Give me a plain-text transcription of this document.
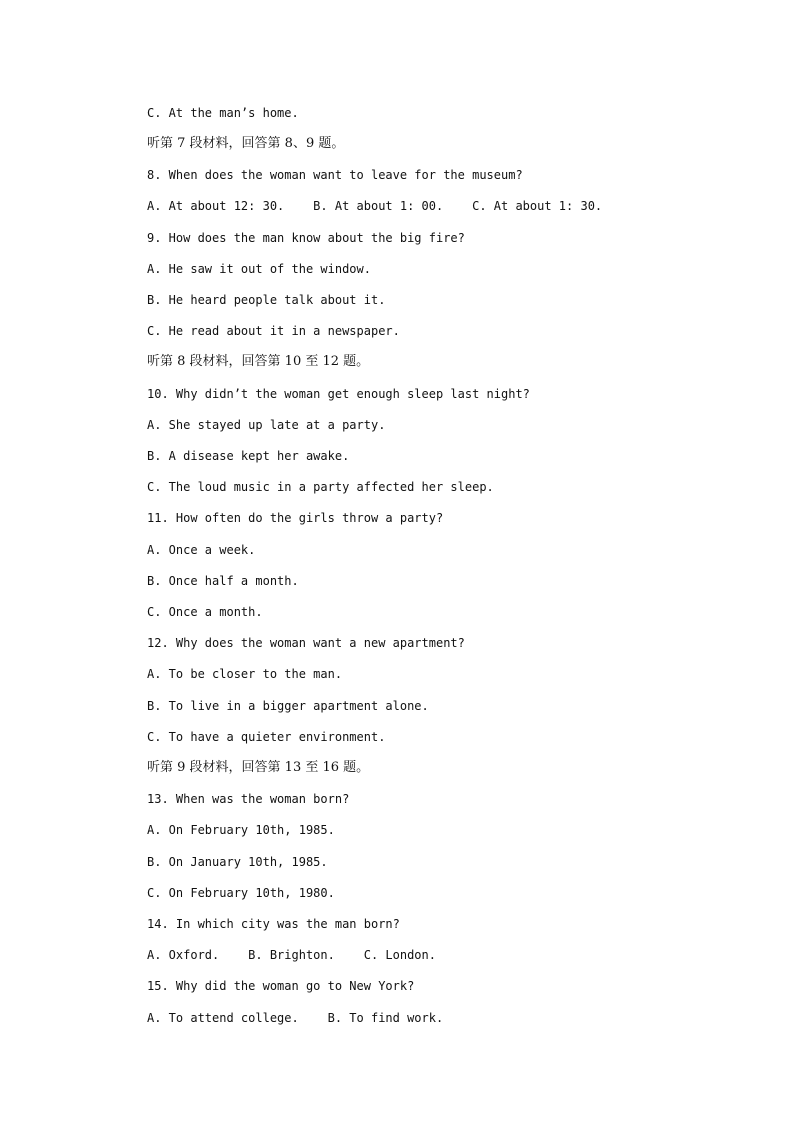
C. At the man’s home.
听第 7 段材料，回答第 8、9 题。
8. When does the woman want to leave for the museum?
A. At about 12: 30.    B. At about 1: 00.    C. At about 1: 30.
9. How does the man know about the big fire?
A. He saw it out of the window.
B. He heard people talk about it.
C. He read about it in a newspaper.
听第 8 段材料，回答第 10 至 12 题。
10. Why didn’t the woman get enough sleep last night?
A. She stayed up late at a party.
B. A disease kept her awake.
C. The loud music in a party affected her sleep.
11. How often do the girls throw a party?
A. Once a week.
B. Once half a month.
C. Once a month.
12. Why does the woman want a new apartment?
A. To be closer to the man.
B. To live in a bigger apartment alone.
C. To have a quieter environment.
听第 9 段材料，回答第 13 至 16 题。
13. When was the woman born?
A. On February 10th, 1985.
B. On January 10th, 1985.
C. On February 10th, 1980.
14. In which city was the man born?
A. Oxford.    B. Brighton.    C. London.
15. Why did the woman go to New York?
A. To attend college.    B. To find work.
